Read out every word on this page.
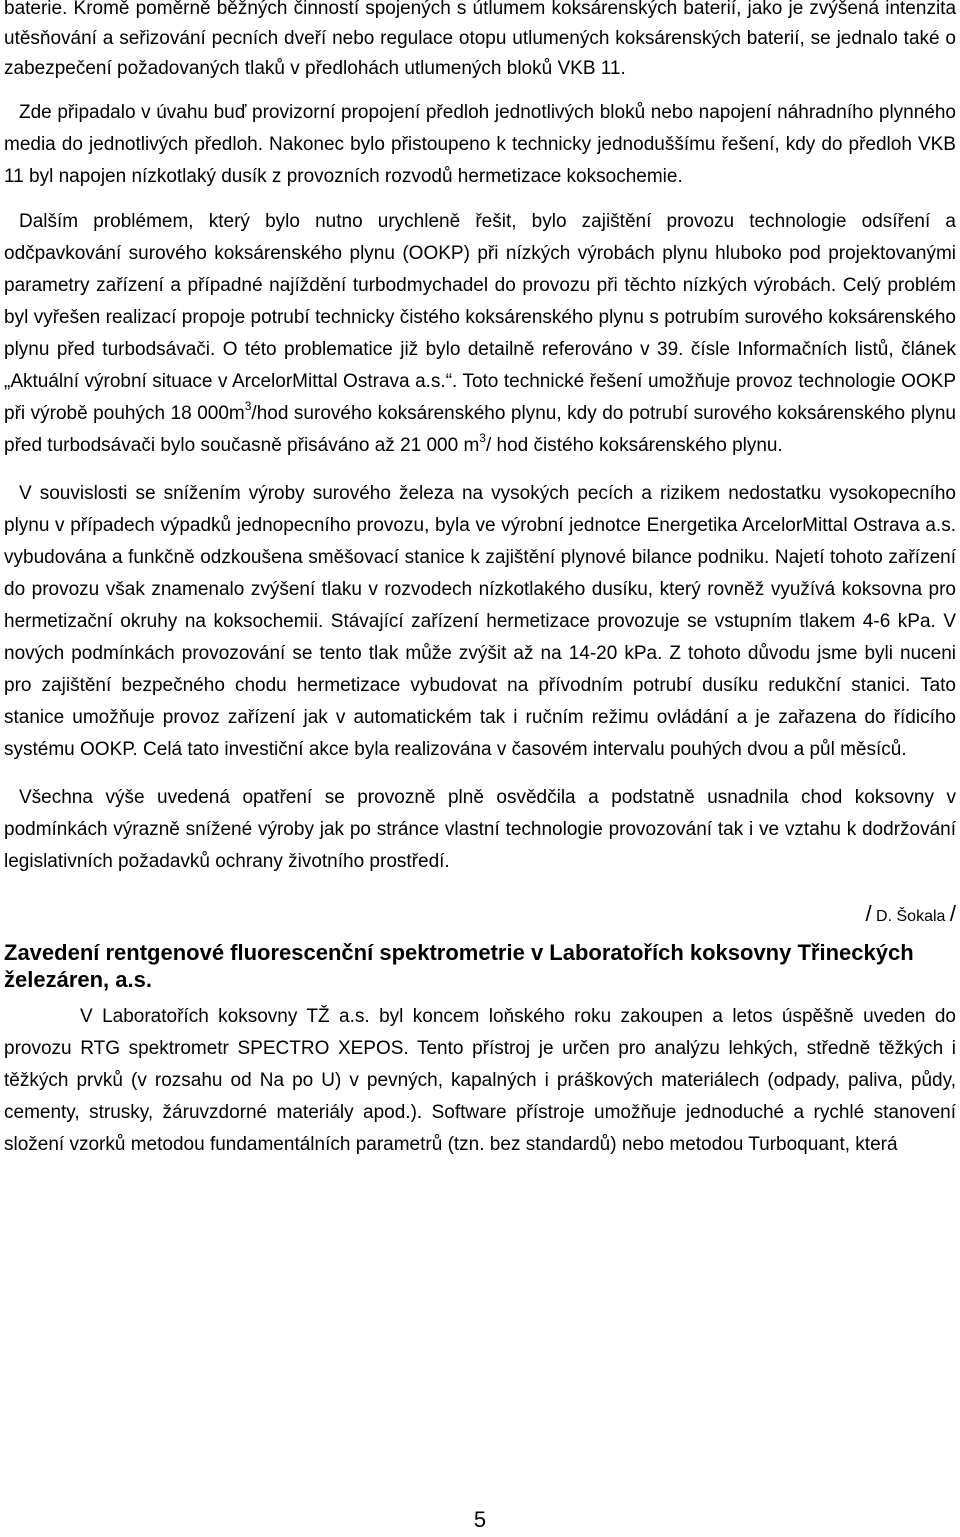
baterie. Kromě poměrně běžných činností spojených s útlumem koksárenských baterií, jako je zvýšená intenzita utěsňování a seřizování pecních dveří nebo regulace otopu utlumených koksárenských baterií, se jednalo také o zabezpečení požadovaných tlaků v předlohách utlumených bloků VKB 11.

Zde připadalo v úvahu buď provizorní propojení předloh jednotlivých bloků nebo napojení náhradního plynného media do jednotlivých předloh. Nakonec bylo přistoupeno k technicky jednoduššímu řešení, kdy do předloh VKB 11 byl napojen nízkotlaký dusík z provozních rozvodů hermetizace koksochemie.

Dalším problémem, který bylo nutno urychleně řešit, bylo zajištění provozu technologie odsíření a odčpavkování surového koksárenského plynu (OOKP) při nízkých výrobách plynu hluboko pod projektovanými parametry zařízení a případné najíždění turbodmychadel do provozu při těchto nízkých výrobách. Celý problém byl vyřešen realizací propoje potrubí technicky čistého koksárenského plynu s potrubím surového koksárenského plynu před turbodsávači. O této problematice již bylo detailně referováno v 39. čísle Informačních listů, článek „Aktuální výrobní situace v ArcelorMittal Ostrava a.s.“. Toto technické řešení umožňuje provoz technologie OOKP při výrobě pouhých 18 $000m^3$/hod surového koksárenského plynu, kdy do potrubí surového koksárenského plynu před turbodsávači bylo současně přisáváno až 21 000 $m^3/$ hod čistého koksárenského plynu.

V souvislosti se snížením výroby surového železa na vysokých pecích a rizikem nedostatku vysokopecního plynu v případech výpadků jednopecního provozu, byla ve výrobní jednotce Energetika ArcelorMittal Ostrava a.s. vybudována a funkčně odzkoušena směšovací stanice k zajištění plynové bilance podniku. Najetí tohoto zařízení do provozu však znamenalo zvýšení tlaku v rozvodech nízkotlakého dusíku, který rovněž využívá koksovna pro hermetizační okruhy na koksochemii. Stávající zařízení hermetizace provozuje se vstupním tlakem 4-6 kPa. V nových podmínkách provozování se tento tlak může zvýšit až na 14-20 kPa. Z tohoto důvodu jsme byli nuceni pro zajištění bezpečného chodu hermetizace vybudovat na přívodním potrubí dusíku redukční stanici. Tato stanice umožňuje provoz zařízení jak v automatickém tak i ručním režimu ovládání a je zařazena do řídicího systému OOKP. Celá tato investiční akce byla realizována v časovém intervalu pouhých dvou a půl měsíců.

Všechna výše uvedená opatření se provozně plně osvědčila a podstatně usnadnila chod koksovny v podmínkách výrazně snížené výroby jak po stránce vlastní technologie provozování tak i ve vztahu k dodržování legislativních požadavků ochrany životního prostředí.

/ D. Šokala /
Zavedení rentgenové fluorescenční spektrometrie v Laboratořích koksovny Třineckých železáren, a.s.

V Laboratořích koksovny TŽ a.s. byl koncem loňského roku zakoupen a letos úspěšně uveden do provozu RTG spektrometr SPECTRO XEPOS. Tento přístroj je určen pro analýzu lehkých, středně těžkých i těžkých prvků (v rozsahu od Na po U) v pevných, kapalných i práškových materiálech (odpady, paliva, půdy, cementy, strusky, žáruvzdorné materiály apod.). Software přístroje umožňuje jednoduché a rychlé stanovení složení vzorků metodou fundamentálních parametrů (tzn. bez standardů) nebo metodou Turboquant, která

5
